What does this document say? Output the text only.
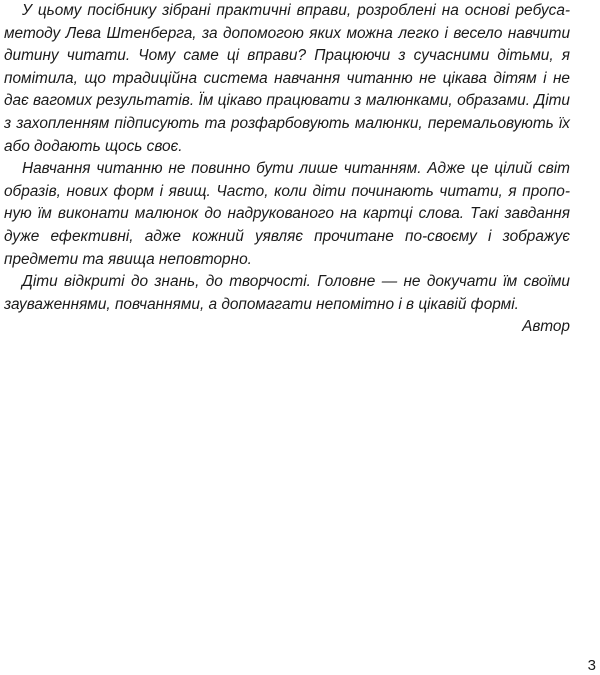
У цьому посібнику зібрані практичні вправи, розроблені на основі ребуса-методу Лева Штенберга, за допомогою яких можна легко і весело навчити дитину читати. Чому саме ці вправи? Працюючи з сучасними дітьми, я помітила, що традиційна система навчання читанню не цікава дітям і не дає вагомих результатів. Їм цікаво працювати з малюнками, образами. Діти з захопленням підписують та розфарбовують малюнки, перемальовують їх або додають щось своє.

Навчання читанню не повинно бути лише читанням. Адже це цілий світ образів, нових форм і явищ. Часто, коли діти починають читати, я пропоную їм виконати малюнок до надрукованого на картці слова. Такі завдання дуже ефективні, адже кожний уявляє прочитане по-своєму і зображує предмети та явища неповторно.

Діти відкриті до знань, до творчості. Головне — не докучати їм своїми зауваженнями, повчаннями, а допомагати непомітно і в цікавій формі.

Автор

3
